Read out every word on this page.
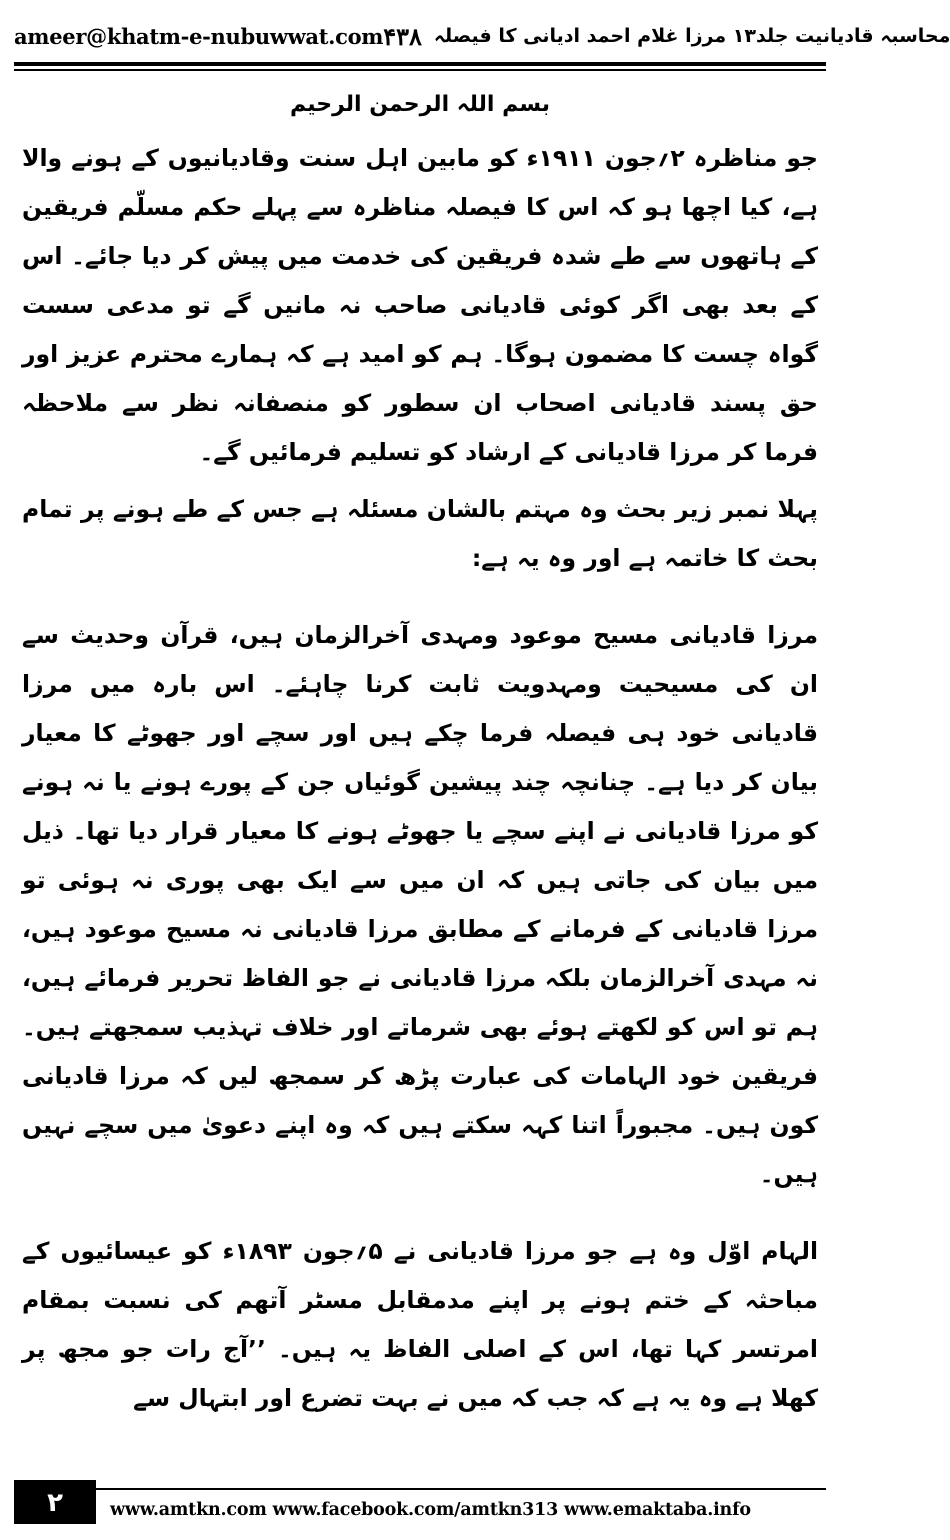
ameer@khatm-e-nubuwwat.com	محاسبہ قادیانیت جلد۱۳ مرزا غلام احمد ادیانی کا فیصلہ
۴۳۸
بسم اللہ الرحمن الرحیم

جو مناظرہ ۲؍جون ۱۹۱۱ء کو مابین اہل سنت وقادیانیوں کے ہونے والا ہے، کیا اچھا ہو کہ اس کا فیصلہ مناظرہ سے پہلے حکم مسلّم فریقین کے ہاتھوں سے طے شدہ فریقین کی خدمت میں پیش کر دیا جائے۔ اس کے بعد بھی اگر کوئی قادیانی صاحب نہ مانیں گے تو مدعی سست گواہ چست کا مضمون ہوگا۔ ہم کو امید ہے کہ ہمارے محترم عزیز اور حق پسند قادیانی اصحاب ان سطور کو منصفانہ نظر سے ملاحظہ فرما کر مرزا قادیانی کے ارشاد کو تسلیم فرمائیں گے۔

پہلا نمبر زیر بحث وہ مہتم بالشان مسئلہ ہے جس کے طے ہونے پر تمام بحث کا خاتمہ ہے اور وہ یہ ہے:

مرزا قادیانی مسیح موعود ومہدی آخرالزمان ہیں، قرآن وحدیث سے ان کی مسیحیت ومہدویت ثابت کرنا چاہئے۔ اس بارہ میں مرزا قادیانی خود ہی فیصلہ فرما چکے ہیں اور سچے اور جھوٹے کا معیار بیان کر دیا ہے۔ چنانچہ چند پیشین گوئیاں جن کے پورے ہونے یا نہ ہونے کو مرزا قادیانی نے اپنے سچے یا جھوٹے ہونے کا معیار قرار دیا تھا۔ ذیل میں بیان کی جاتی ہیں کہ ان میں سے ایک بھی پوری نہ ہوئی تو مرزا قادیانی کے فرمانے کے مطابق مرزا قادیانی نہ مسیح موعود ہیں، نہ مہدی آخرالزمان بلکہ مرزا قادیانی نے جو الفاظ تحریر فرمائے ہیں، ہم تو اس کو لکھتے ہوئے بھی شرماتے اور خلاف تہذیب سمجھتے ہیں۔ فریقین خود الہامات کی عبارت پڑھ کر سمجھ لیں کہ مرزا قادیانی کون ہیں۔ مجبوراً اتنا کہہ سکتے ہیں کہ وہ اپنے دعویٰ میں سچے نہیں ہیں۔

الہام اوّل وہ ہے جو مرزا قادیانی نے ۵؍جون ۱۸۹۳ء کو عیسائیوں کے مباحثہ کے ختم ہونے پر اپنے مدمقابل مسٹر آتھم کی نسبت بمقام امرتسر کہا تھا، اس کے اصلی الفاظ یہ ہیں۔ ’’آج رات جو مجھ پر کھلا ہے وہ یہ ہے کہ جب کہ میں نے بہت تضرع اور ابتہال سے

۲	www.amtkn.com www.facebook.com/amtkn313 www.emaktaba.info
